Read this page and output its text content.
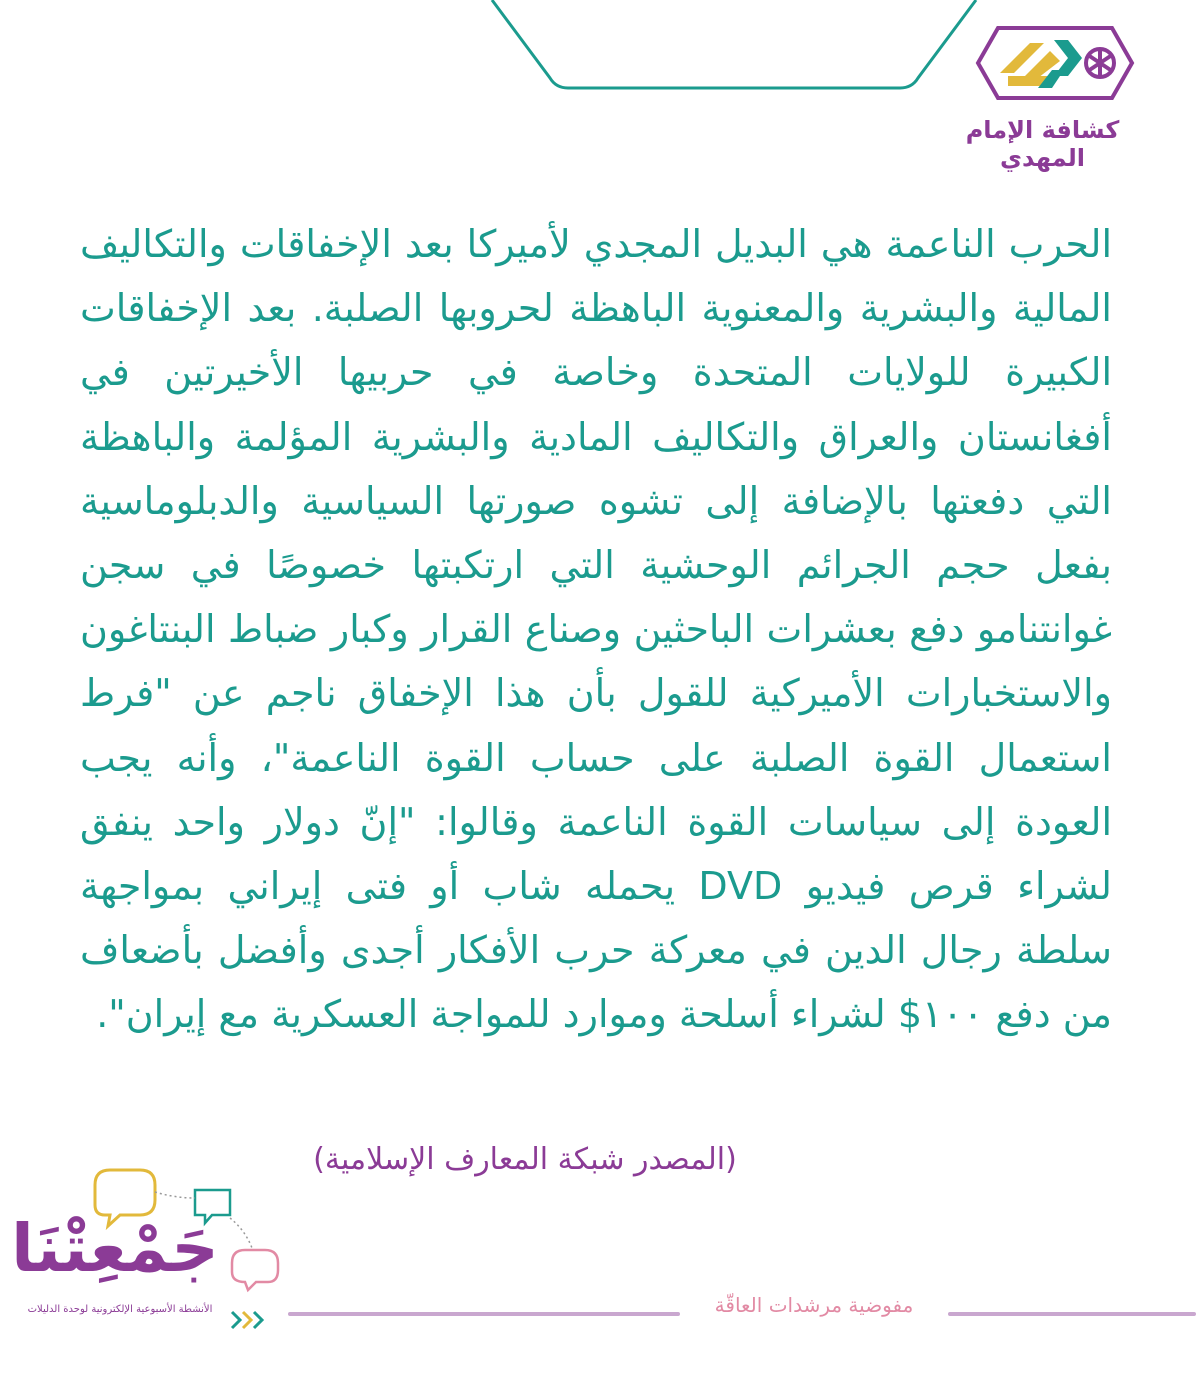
كشافة الإمام المهدي

الحرب الناعمة هي البديل المجدي لأميركا بعد الإخفاقات والتكاليف المالية والبشرية والمعنوية الباهظة لحروبها الصلبة. بعد الإخفاقات الكبيرة للولايات المتحدة وخاصة في حربيها الأخيرتين في أفغانستان والعراق والتكاليف المادية والبشرية المؤلمة والباهظة التي دفعتها بالإضافة إلى تشوه صورتها السياسية والدبلوماسية بفعل حجم الجرائم الوحشية التي ارتكبتها خصوصًا في سجن غوانتنامو دفع بعشرات الباحثين وصناع القرار وكبار ضباط البنتاغون والاستخبارات الأميركية للقول بأن هذا الإخفاق ناجم عن "فرط استعمال القوة الصلبة على حساب القوة الناعمة"، وأنه يجب العودة إلى سياسات القوة الناعمة وقالوا: "إنّ دولار واحد ينفق لشراء قرص فيديو DVD يحمله شاب أو فتى إيراني بمواجهة سلطة رجال الدين في معركة حرب الأفكار أجدى وأفضل بأضعاف من دفع ١٠٠$ لشراء أسلحة وموارد للمواجة العسكرية مع إيران".

(المصدر شبكة المعارف الإسلامية)
جَمْعِتْنَا
الأنشطة الأسبوعية الإلكترونية لوحدة الدليلات	مفوضية مرشدات العاقّة
